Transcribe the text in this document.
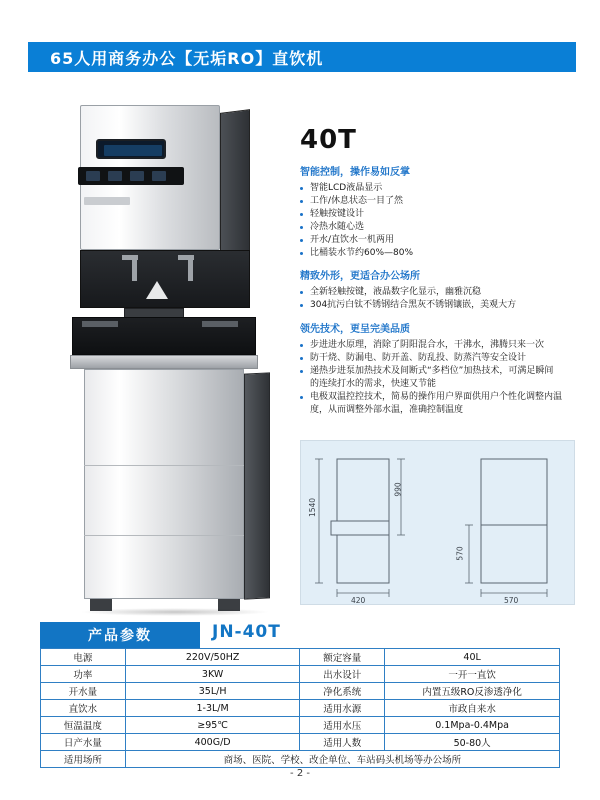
65人用商务办公【无垢RO】直饮机
40T
智能控制，操作易如反掌
智能LCD液晶显示
工作/休息状态一目了然
轻触按键设计
冷热水随心选
开水/直饮水一机两用
比桶装水节约60%—80%
精致外形，更适合办公场所
全新轻触按键，液晶数字化显示，幽雅沉稳
304抗污白钛不锈钢结合黑灰不锈钢镶嵌，美观大方
领先技术，更呈完美品质
步进进水原理，消除了阴阳混合水，干沸水，沸腾只来一次
防干烧、防漏电、防开盖、防乱投、防蒸汽等安全设计
递热步进泵加热技术及间断式“多档位”加热技术，可满足瞬间的连续打水的需求，快速又节能
电极双温控控技术，简易的操作用户界面供用户个性化调整内温度，从而调整外部水温，准确控制温度
1540
990
420
570
570
产品参数	JN-40T
电源	220V/50HZ	额定容量	40L
功率	3KW	出水设计	一开一直饮
开水量	35L/H	净化系统	内置五级RO反渗透净化
直饮水	1-3L/M	适用水源	市政自来水
恒温温度	≥95℃	适用水压	0.1Mpa-0.4Mpa
日产水量	400G/D	适用人数	50-80人
适用场所	商场、医院、学校、改企单位、车站码头机场等办公场所		
- 2 -
